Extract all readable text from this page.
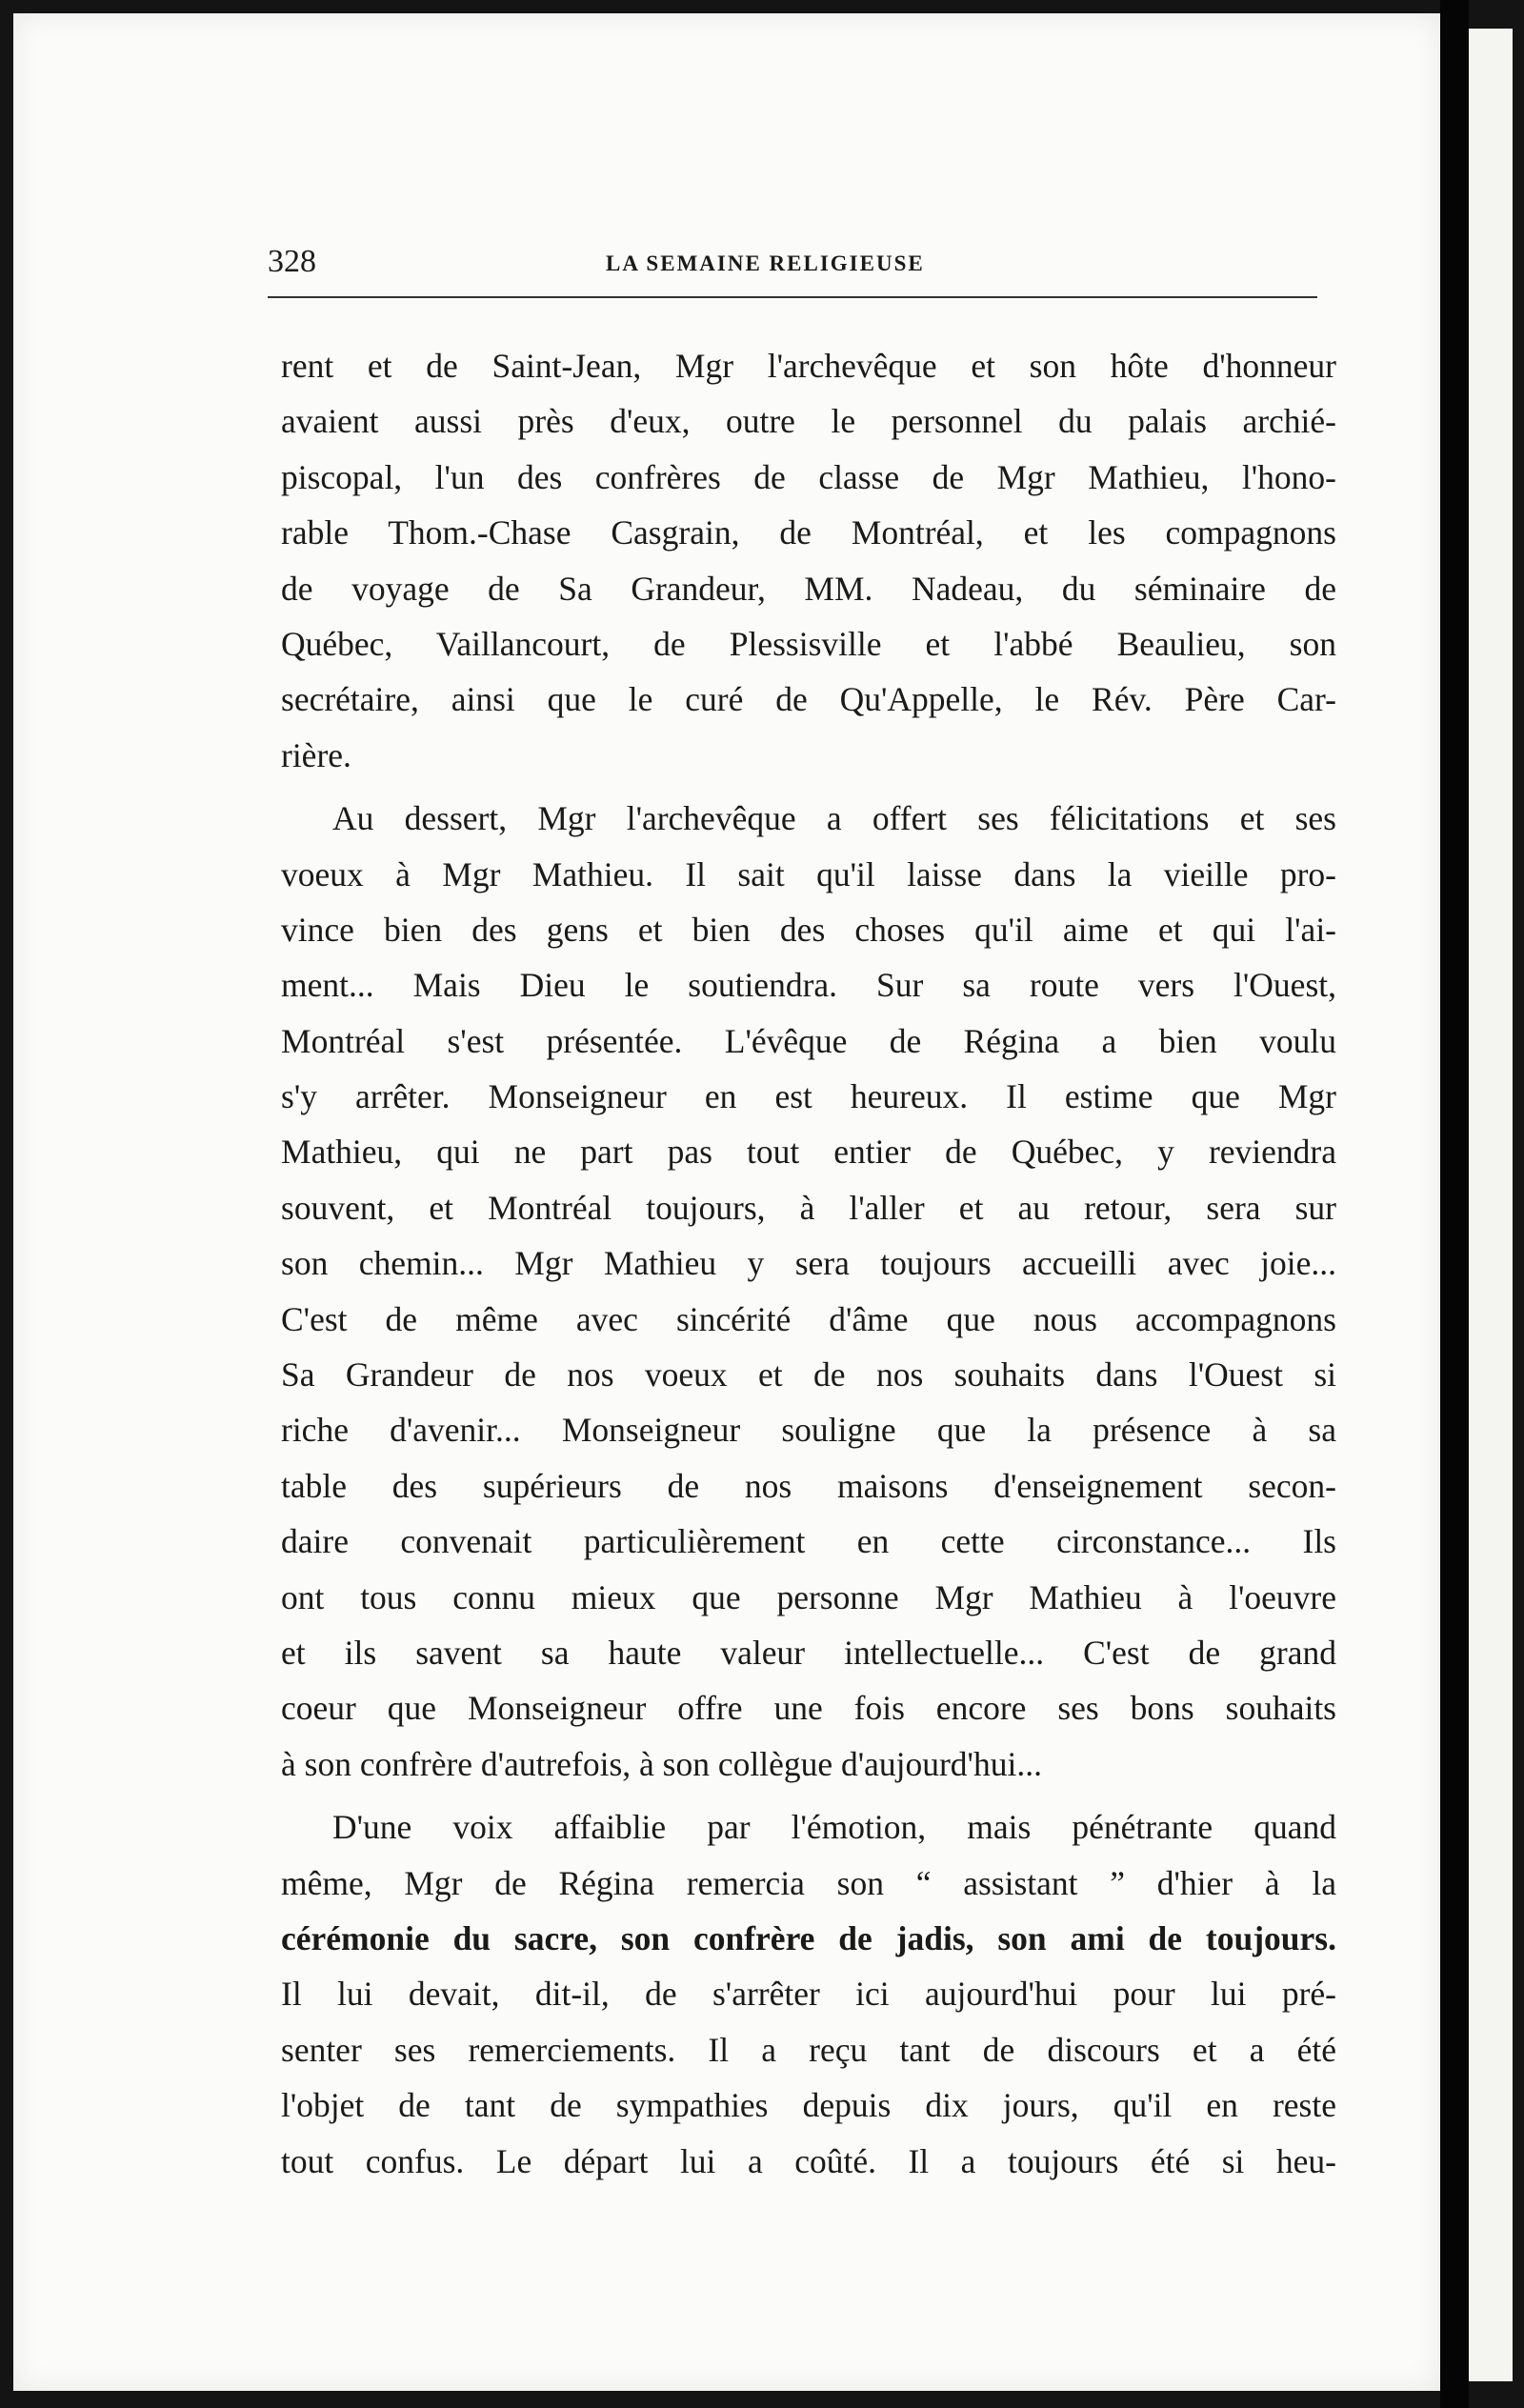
328	LA SEMAINE RELIGIEUSE
rent et de Saint-Jean, Mgr l'archevêque et son hôte d'honneur
avaient aussi près d'eux, outre le personnel du palais archié-
piscopal, l'un des confrères de classe de Mgr Mathieu, l'hono-
rable Thom.-Chase Casgrain, de Montréal, et les compagnons
de voyage de Sa Grandeur, MM. Nadeau, du séminaire de
Québec, Vaillancourt, de Plessisville et l'abbé Beaulieu, son
secrétaire, ainsi que le curé de Qu'Appelle, le Rév. Père Car-
rière.
Au dessert, Mgr l'archevêque a offert ses félicitations et ses
voeux à Mgr Mathieu. Il sait qu'il laisse dans la vieille pro-
vince bien des gens et bien des choses qu'il aime et qui l'ai-
ment... Mais Dieu le soutiendra. Sur sa route vers l'Ouest,
Montréal s'est présentée. L'évêque de Régina a bien voulu
s'y arrêter. Monseigneur en est heureux. Il estime que Mgr
Mathieu, qui ne part pas tout entier de Québec, y reviendra
souvent, et Montréal toujours, à l'aller et au retour, sera sur
son chemin... Mgr Mathieu y sera toujours accueilli avec joie...
C'est de même avec sincérité d'âme que nous accompagnons
Sa Grandeur de nos voeux et de nos souhaits dans l'Ouest si
riche d'avenir... Monseigneur souligne que la présence à sa
table des supérieurs de nos maisons d'enseignement secon-
daire convenait particulièrement en cette circonstance... Ils
ont tous connu mieux que personne Mgr Mathieu à l'oeuvre
et ils savent sa haute valeur intellectuelle... C'est de grand
coeur que Monseigneur offre une fois encore ses bons souhaits
à son confrère d'autrefois, à son collègue d'aujourd'hui...
D'une voix affaiblie par l'émotion, mais pénétrante quand
même, Mgr de Régina remercia son “ assistant ” d'hier à la
cérémonie du sacre, son confrère de jadis, son ami de toujours.
Il lui devait, dit-il, de s'arrêter ici aujourd'hui pour lui pré-
senter ses remerciements. Il a reçu tant de discours et a été
l'objet de tant de sympathies depuis dix jours, qu'il en reste
tout confus. Le départ lui a coûté. Il a toujours été si heu-
